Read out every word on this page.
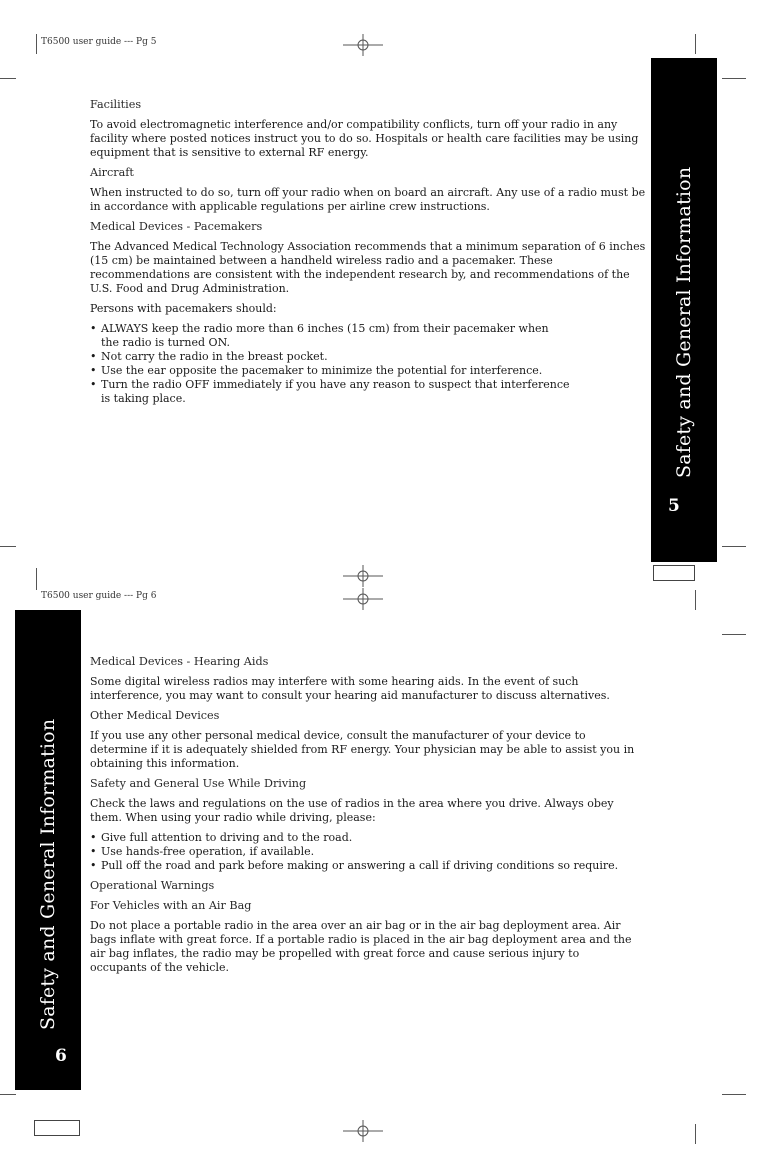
T6500 user guide --- Pg 5
Safety and General Information
5
Facilities

To avoid electromagnetic interference and/or compatibility conflicts, turn off your radio in any facility where posted notices instruct you to do so. Hospitals or health care facilities may be using equipment that is sensitive to external RF energy.

Aircraft

When instructed to do so, turn off your radio when on board an aircraft. Any use of a radio must be in accordance with applicable regulations per airline crew instructions.

Medical Devices - Pacemakers

The Advanced Medical Technology Association recommends that a minimum separation of 6 inches (15 cm) be maintained between a handheld wireless radio and a pacemaker. These recommendations are consistent with the independent research by, and recommendations of the U.S. Food and Drug Administration.

Persons with pacemakers should:

• ALWAYS keep the radio more than 6 inches (15 cm) from their pacemaker when the radio is turned ON.
• Not carry the radio in the breast pocket.
• Use the ear opposite the pacemaker to minimize the potential for interference.
• Turn the radio OFF immediately if you have any reason to suspect that interference is taking place.
T6500 user guide --- Pg 6
Safety and General Information
6
Medical Devices - Hearing Aids

Some digital wireless radios may interfere with some hearing aids. In the event of such interference, you may want to consult your hearing aid manufacturer to discuss alternatives.

Other Medical Devices

If you use any other personal medical device, consult the manufacturer of your device to determine if it is adequately shielded from RF energy. Your physician may be able to assist you in obtaining this information.

Safety and General Use While Driving

Check the laws and regulations on the use of radios in the area where you drive. Always obey them. When using your radio while driving, please:

• Give full attention to driving and to the road.
• Use hands-free operation, if available.
• Pull off the road and park before making or answering a call if driving conditions so require.
Operational Warnings
For Vehicles with an Air Bag

Do not place a portable radio in the area over an air bag or in the air bag deployment area. Air bags inflate with great force. If a portable radio is placed in the air bag deployment area and the air bag inflates, the radio may be propelled with great force and cause serious injury to occupants of the vehicle.
